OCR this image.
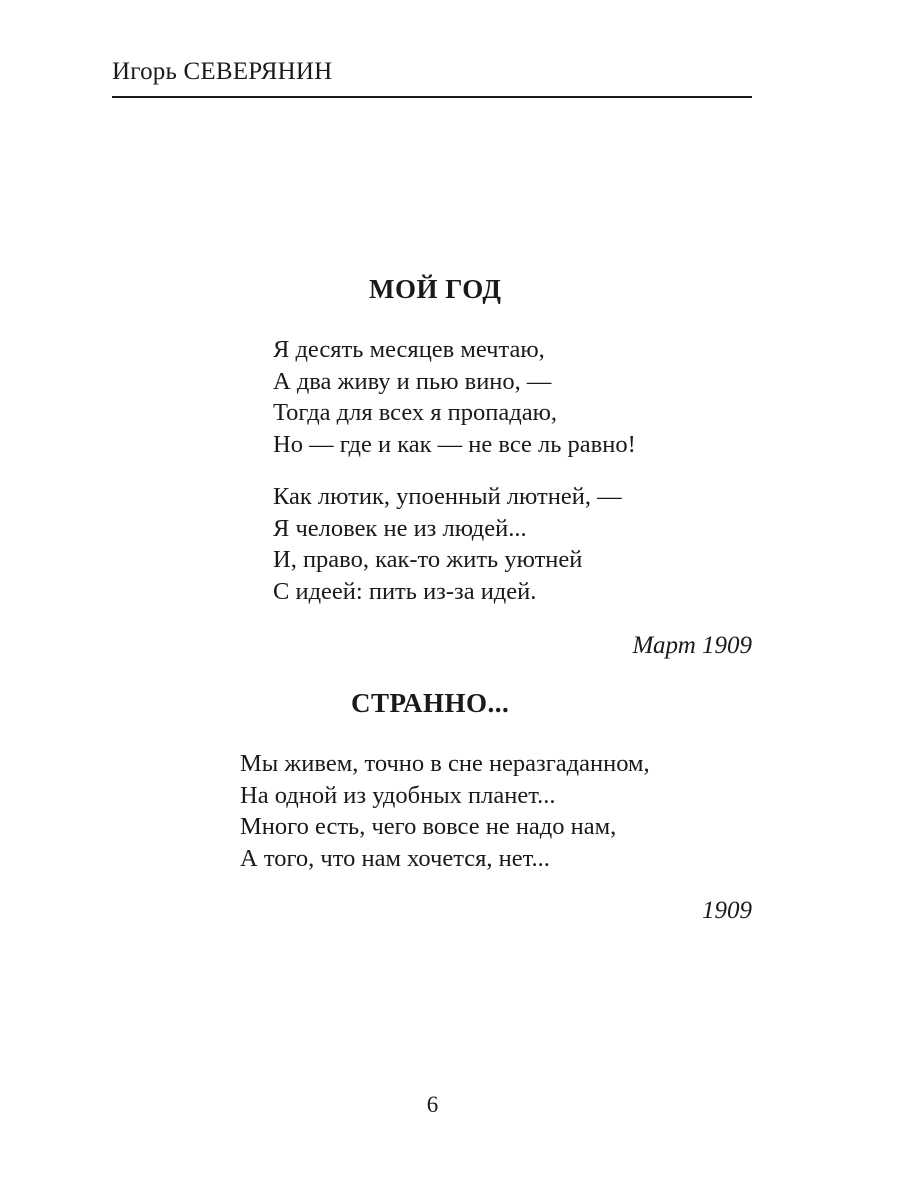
Игорь СЕВЕРЯНИН
МОЙ ГОД
Я десять месяцев мечтаю,
А два живу и пью вино, —
Тогда для всех я пропадаю,
Но — где и как — не все ль равно!
Как лютик, упоенный лютней, —
Я человек не из людей...
И, право, как-то жить уютней
С идеей: пить из-за идей.
Март 1909
СТРАННО...
Мы живем, точно в сне неразгаданном,
На одной из удобных планет...
Много есть, чего вовсе не надо нам,
А того, что нам хочется, нет...
1909
6
